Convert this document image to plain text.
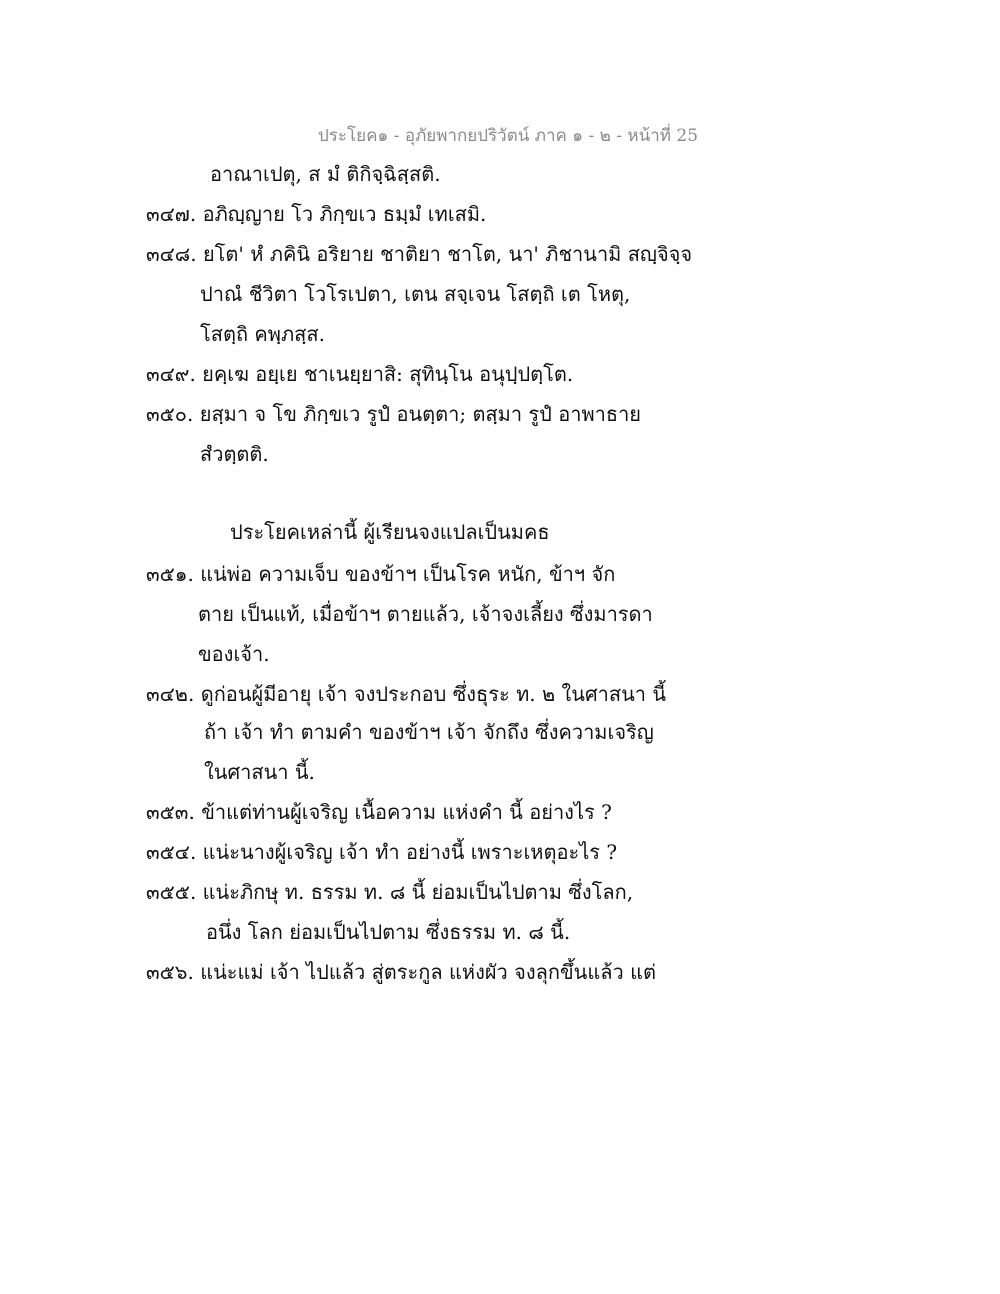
ประโยค๑ - อุภัยพากยปริวัตน์ ภาค ๑ - ๒ - หน้าที่ 25
อาณาเปตุ, ส มํ ติกิจฺฉิสฺสติ.
๓๔๗. อภิญฺญาย โว ภิกฺขเว ธมฺมํ เทเสมิ.
๓๔๘. ยโต' หํ ภคินิ อริยาย ชาติยา ชาโต, นา' ภิชานามิ สญฺจิจฺจ
ปาณํ ชีวิตา โวโรเปตา, เตน สจฺเจน โสตฺถิ เต โหตุ,
โสตฺถิ คพฺภสฺส.
๓๔๙. ยคฺเฆ อยฺเย ชาเนยฺยาสิ: สุทินฺโน อนุปฺปตฺโต.
๓๕๐. ยสฺมา จ โข ภิกฺขเว รูปํ อนตฺตา; ตสฺมา รูปํ อาพาธาย
สํวตฺตติ.
ประโยคเหล่านี้ ผู้เรียนจงแปลเป็นมคธ
๓๕๑. แน่พ่อ ความเจ็บ ของข้าฯ เป็นโรค หนัก, ข้าฯ จัก
ตาย เป็นแท้, เมื่อข้าฯ ตายแล้ว, เจ้าจงเลี้ยง ซึ่งมารดา
ของเจ้า.
๓๔๒. ดูก่อนผู้มีอายุ เจ้า จงประกอบ ซึ่งธุระ ท. ๒ ในศาสนา นี้
ถ้า เจ้า ทำ ตามคำ ของข้าฯ เจ้า จักถึง ซึ่งความเจริญ
ในศาสนา นี้.
๓๕๓. ข้าแต่ท่านผู้เจริญ เนื้อความ แห่งคำ นี้ อย่างไร ?
๓๕๔. แน่ะนางผู้เจริญ เจ้า ทำ อย่างนี้ เพราะเหตุอะไร ?
๓๕๕. แน่ะภิกษุ ท. ธรรม ท. ๘ นี้ ย่อมเป็นไปตาม ซึ่งโลก,
อนึ่ง โลก ย่อมเป็นไปตาม ซึ่งธรรม ท. ๘ นี้.
๓๕๖. แน่ะแม่ เจ้า ไปแล้ว สู่ตระกูล แห่งผัว จงลุกขึ้นแล้ว แต่
